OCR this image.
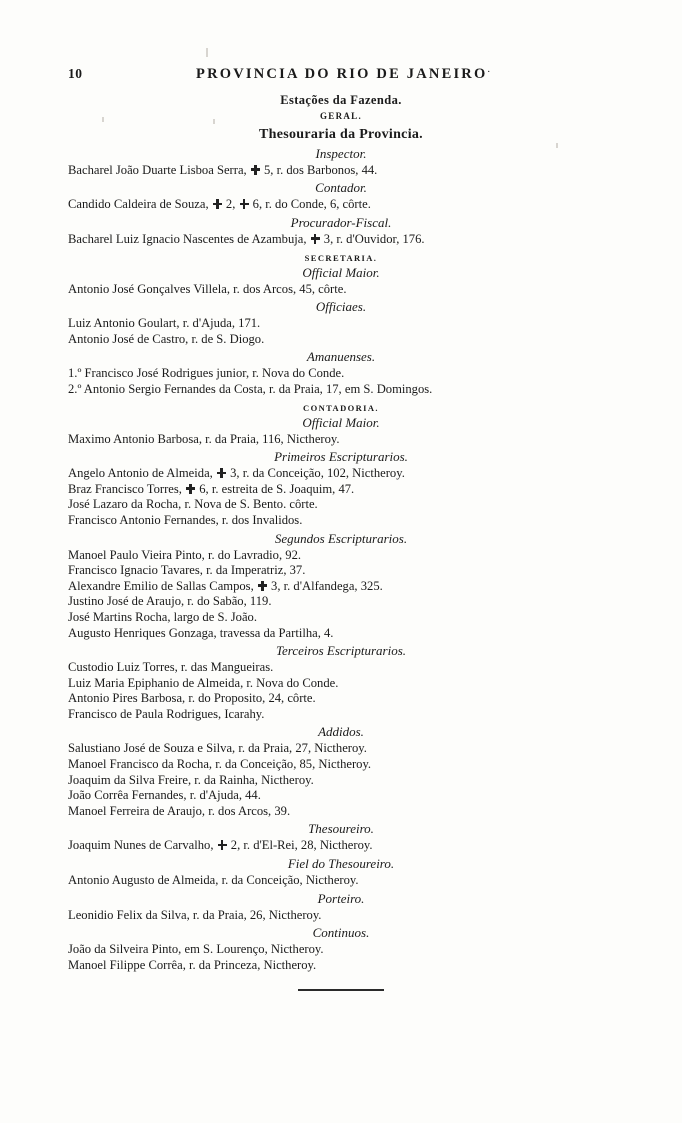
10	PROVINCIA DO RIO DE JANEIRO.
Estações da Fazenda.
GERAL.
Thesouraria da Provincia.
Inspector.
Bacharel João Duarte Lisboa Serra,  5, r. dos Barbonos, 44.
Contador.
Candido Caldeira de Souza,  2,  6, r. do Conde, 6, côrte.
Procurador-Fiscal.
Bacharel Luiz Ignacio Nascentes de Azambuja,  3, r. d'Ouvidor, 176.
SECRETARIA.
Official Maior.
Antonio José Gonçalves Villela, r. dos Arcos, 45, côrte.
Officiaes.
Luiz Antonio Goulart, r. d'Ajuda, 171.
Antonio José de Castro, r. de S. Diogo.
Amanuenses.
1.º Francisco José Rodrigues junior, r. Nova do Conde.
2.º Antonio Sergio Fernandes da Costa, r. da Praia, 17, em S. Domingos.
CONTADORIA.
Official Maior.
Maximo Antonio Barbosa, r. da Praia, 116, Nictheroy.
Primeiros Escripturarios.
Angelo Antonio de Almeida,  3, r. da Conceição, 102, Nictheroy.
Braz Francisco Torres,  6, r. estreita de S. Joaquim, 47.
José Lazaro da Rocha, r. Nova de S. Bento. côrte.
Francisco Antonio Fernandes, r. dos Invalidos.
Segundos Escripturarios.
Manoel Paulo Vieira Pinto, r. do Lavradio, 92.
Francisco Ignacio Tavares, r. da Imperatriz, 37.
Alexandre Emilio de Sallas Campos,  3, r. d'Alfandega, 325.
Justino José de Araujo, r. do Sabão, 119.
José Martins Rocha, largo de S. João.
Augusto Henriques Gonzaga, travessa da Partilha, 4.
Terceiros Escripturarios.
Custodio Luiz Torres, r. das Mangueiras.
Luiz Maria Epiphanio de Almeida, r. Nova do Conde.
Antonio Pires Barbosa, r. do Proposito, 24, côrte.
Francisco de Paula Rodrigues, Icarahy.
Addidos.
Salustiano José de Souza e Silva, r. da Praia, 27, Nictheroy.
Manoel Francisco da Rocha, r. da Conceição, 85, Nictheroy.
Joaquim da Silva Freire, r. da Rainha, Nictheroy.
João Corrêa Fernandes, r. d'Ajuda, 44.
Manoel Ferreira de Araujo, r. dos Arcos, 39.
Thesoureiro.
Joaquim Nunes de Carvalho,  2, r. d'El-Rei, 28, Nictheroy.
Fiel do Thesoureiro.
Antonio Augusto de Almeida, r. da Conceição, Nictheroy.
Porteiro.
Leonidio Felix da Silva, r. da Praia, 26, Nictheroy.
Continuos.
João da Silveira Pinto, em S. Lourenço, Nictheroy.
Manoel Filippe Corrêa, r. da Princeza, Nictheroy.
